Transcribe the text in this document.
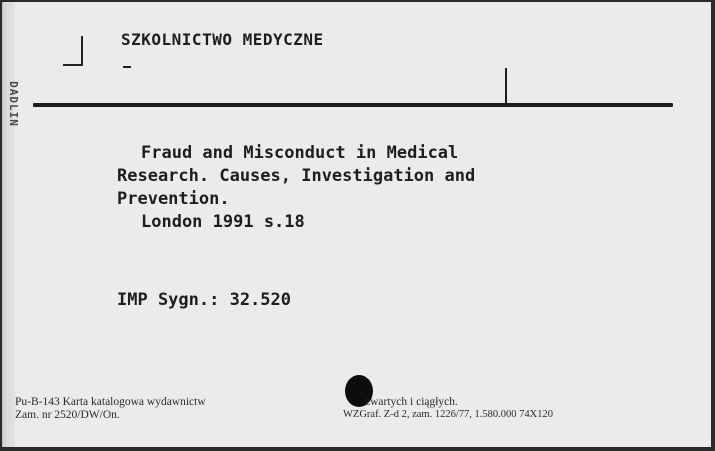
DADLIN
SZKOLNICTWO MEDYCZNE
Fraud and Misconduct in Medical
Research. Causes, Investigation and
Prevention.
London 1991 s.18
IMP Sygn.: 32.520
Pu-B-143 Karta katalogowa wydawnictw	zwartych i ciągłych.
Zam. nr 2520/DW/On.	WZGraf. Z-d 2, zam. 1226/77, 1.580.000 74X120
